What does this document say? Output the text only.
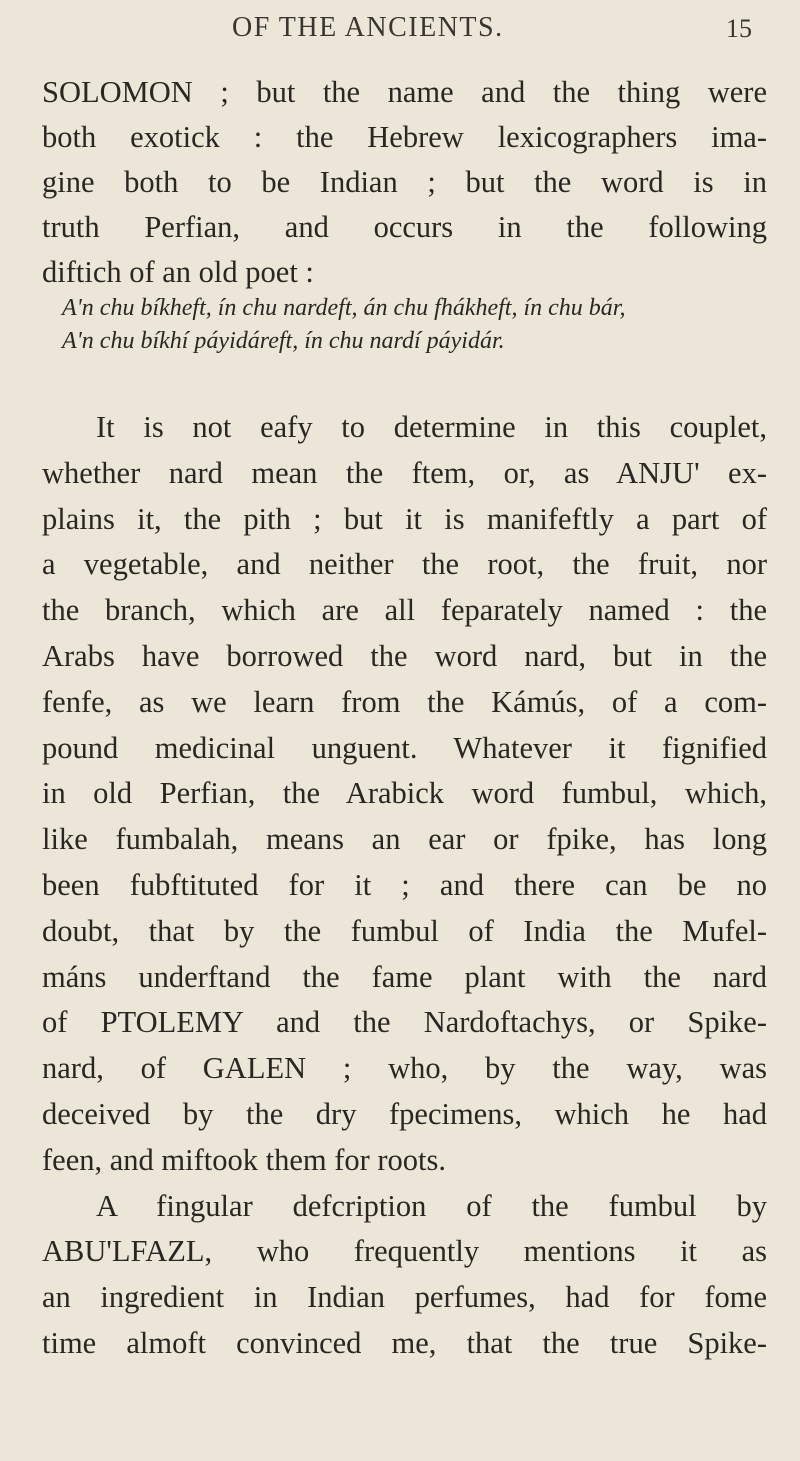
OF THE ANCIENTS.	15
SOLOMON ; but the name and the thing were
both exotick : the Hebrew lexicographers ima-
gine both to be Indian ; but the word is in
truth Perfian, and occurs in the following
diftich of an old poet :
A'n chu bíkheft, ín chu nardeft, án chu fhákheft, ín chu bár,
A'n chu bíkhí páyidáreft, ín chu nardí páyidár.
It is not eafy to determine in this couplet,
whether nard mean the ftem, or, as ANJU' ex-
plains it, the pith ; but it is manifeftly a part of
a vegetable, and neither the root, the fruit, nor
the branch, which are all feparately named : the
Arabs have borrowed the word nard, but in the
fenfe, as we learn from the Kámús, of a com-
pound medicinal unguent. Whatever it fignified
in old Perfian, the Arabick word fumbul, which,
like fumbalah, means an ear or fpike, has long
been fubftituted for it ; and there can be no
doubt, that by the fumbul of India the Mufel-
máns underftand the fame plant with the nard
of PTOLEMY and the Nardoftachys, or Spike-
nard, of GALEN ; who, by the way, was
deceived by the dry fpecimens, which he had
feen, and miftook them for roots.
A fingular defcription of the fumbul by
ABU'LFAZL, who frequently mentions it as
an ingredient in Indian perfumes, had for fome
time almoft convinced me, that the true Spike-
